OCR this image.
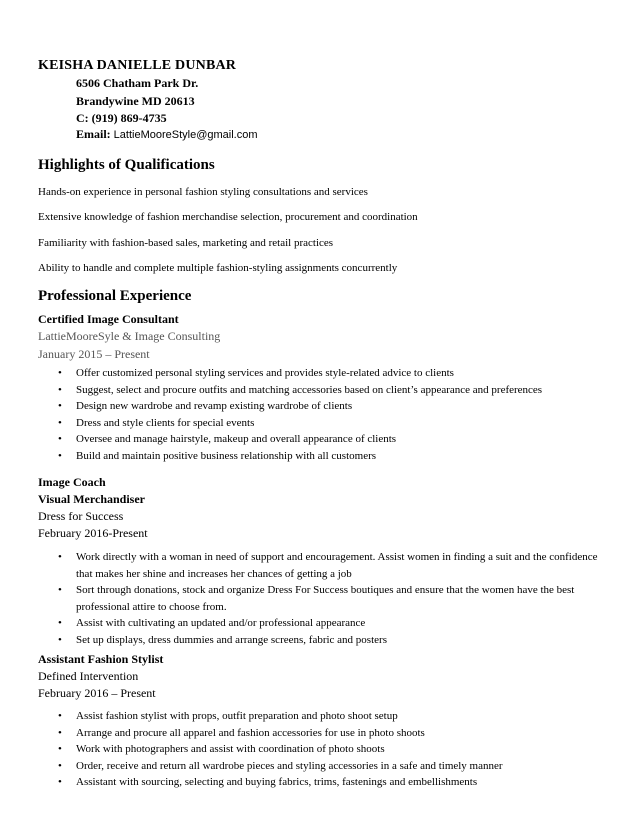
KEISHA DANIELLE DUNBAR
6506 Chatham Park Dr.
Brandywine MD 20613
C: (919) 869-4735
Email: LattieMooreStyle@gmail.com
Highlights of Qualifications
Hands-on experience in personal fashion styling consultations and services
Extensive knowledge of fashion merchandise selection, procurement and coordination
Familiarity with fashion-based sales, marketing and retail practices
Ability to handle and complete multiple fashion-styling assignments concurrently
Professional Experience
Certified Image Consultant
LattieMooreSyle & Image Consulting
January 2015 – Present
• Offer customized personal styling services and provides style-related advice to clients
• Suggest, select and procure outfits and matching accessories based on client’s appearance and preferences
• Design new wardrobe and revamp existing wardrobe of clients
• Dress and style clients for special events
• Oversee and manage hairstyle, makeup and overall appearance of clients
• Build and maintain positive business relationship with all customers
Image Coach
Visual Merchandiser
Dress for Success
February 2016-Present
• Work directly with a woman in need of support and encouragement. Assist women in finding a suit and the confidence that makes her shine and increases her chances of getting a job
• Sort through donations, stock and organize Dress For Success boutiques and ensure that the women have the best professional attire to choose from.
• Assist with cultivating an updated and/or professional appearance
• Set up displays, dress dummies and arrange screens, fabric and posters
Assistant Fashion Stylist
Defined Intervention
February 2016 – Present
• Assist fashion stylist with props, outfit preparation and photo shoot setup
• Arrange and procure all apparel and fashion accessories for use in photo shoots
• Work with photographers and assist with coordination of photo shoots
• Order, receive and return all wardrobe pieces and styling accessories in a safe and timely manner
• Assistant with sourcing, selecting and buying fabrics, trims, fastenings and embellishments
